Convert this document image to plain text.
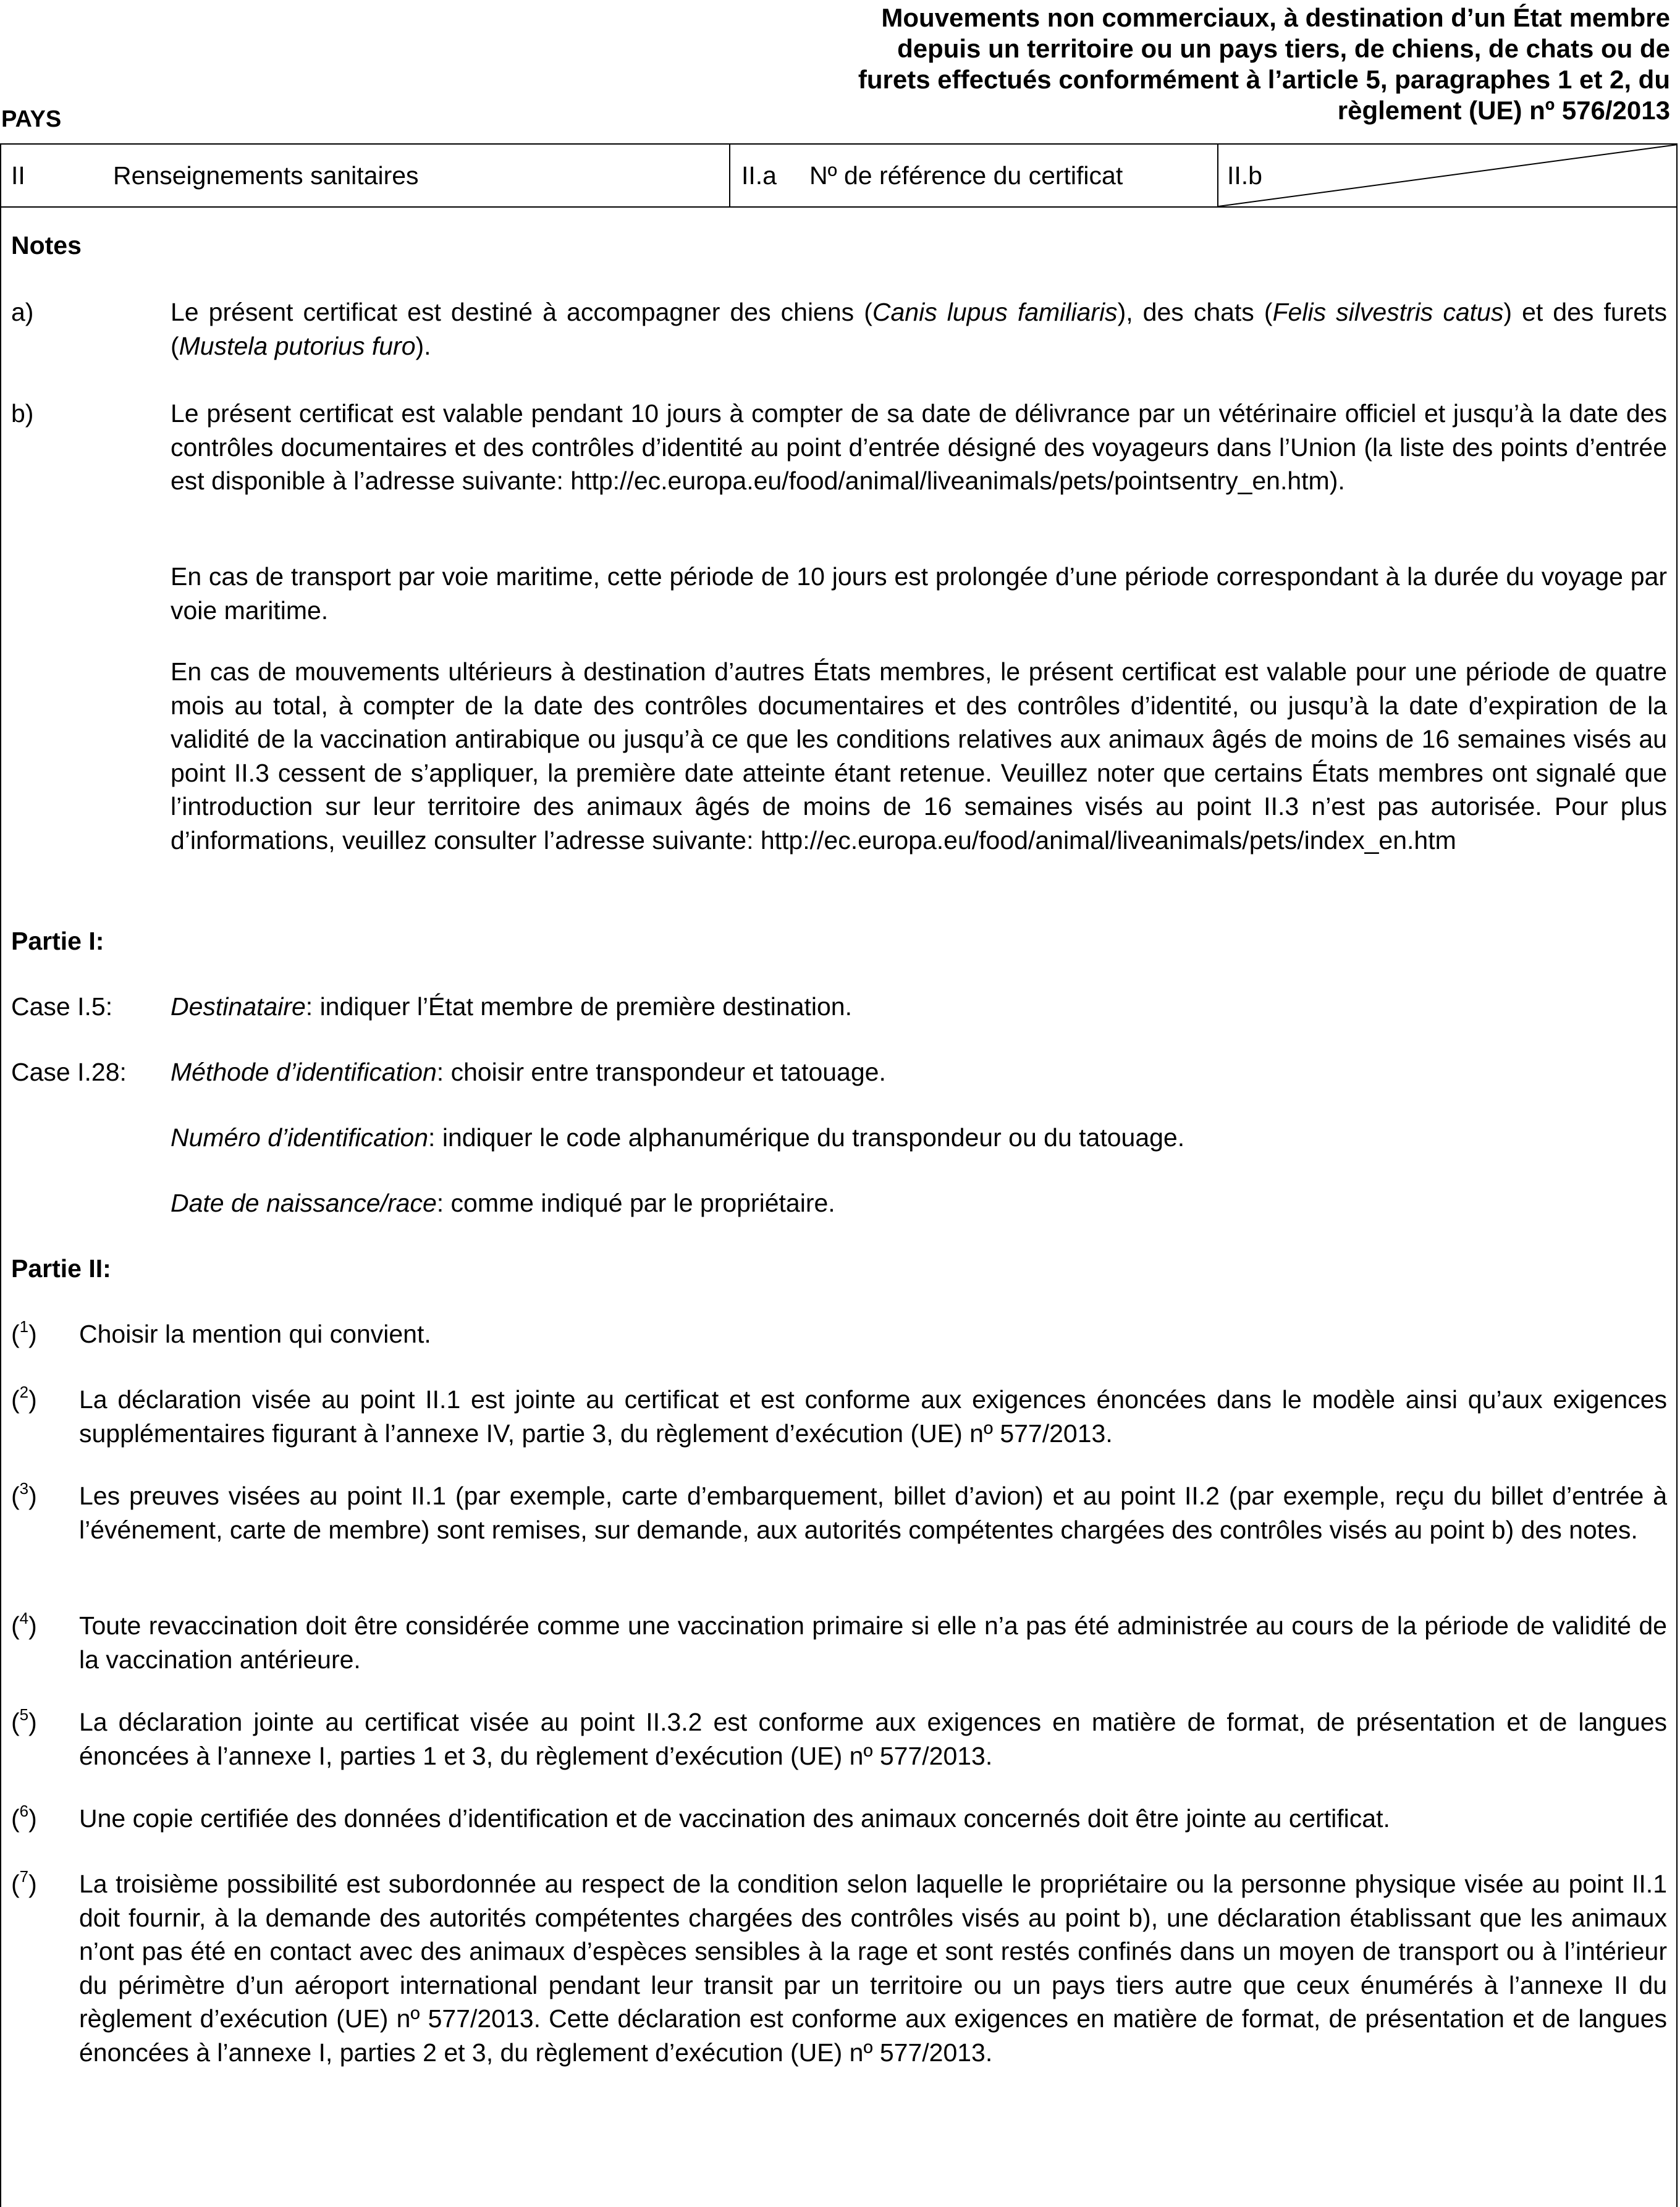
PAYS
Mouvements non commerciaux, à destination d’un État membre
depuis un territoire ou un pays tiers, de chiens, de chats ou de
furets effectués conformément à l’article 5, paragraphes 1 et 2, du
règlement (UE) nº 576/2013
II	Renseignements sanitaires	II.a Nº de référence du certificat	II.b
Notes
a)	Le présent certificat est destiné à accompagner des chiens (Canis lupus familiaris), des chats (Felis silvestris catus) et des furets (Mustela putorius furo).
b)	Le présent certificat est valable pendant 10 jours à compter de sa date de délivrance par un vétérinaire officiel et jusqu’à la date des contrôles documentaires et des contrôles d’identité au point d’entrée désigné des voyageurs dans l’Union (la liste des points d’entrée est disponible à l’adresse suivante: http://ec.europa.eu/food/animal/liveanimals/pets/pointsentry_en.htm).
En cas de transport par voie maritime, cette période de 10 jours est prolongée d’une période correspondant à la durée du voyage par voie maritime.
En cas de mouvements ultérieurs à destination d’autres États membres, le présent certificat est valable pour une période de quatre mois au total, à compter de la date des contrôles documentaires et des contrôles d’identité, ou jusqu’à la date d’expiration de la validité de la vaccination antirabique ou jusqu’à ce que les conditions relatives aux animaux âgés de moins de 16 semaines visés au point II.3 cessent de s’appliquer, la première date atteinte étant retenue. Veuillez noter que certains États membres ont signalé que l’introduction sur leur territoire des animaux âgés de moins de 16 semaines visés au point II.3 n’est pas autorisée. Pour plus d’informations, veuillez consulter l’adresse suivante: http://ec.europa.eu/food/animal/liveanimals/pets/index_en.htm
Partie I:
Case I.5: Destinataire: indiquer l’État membre de première destination.
Case I.28: Méthode d’identification: choisir entre transpondeur et tatouage.
Numéro d’identification: indiquer le code alphanumérique du transpondeur ou du tatouage.
Date de naissance/race: comme indiqué par le propriétaire.
Partie II:
($^1$) Choisir la mention qui convient.
($^2$) La déclaration visée au point II.1 est jointe au certificat et est conforme aux exigences énoncées dans le modèle ainsi qu’aux exigences supplémentaires figurant à l’annexe IV, partie 3, du règlement d’exécution (UE) nº 577/2013.
($^3$) Les preuves visées au point II.1 (par exemple, carte d’embarquement, billet d’avion) et au point II.2 (par exemple, reçu du billet d’entrée à l’événement, carte de membre) sont remises, sur demande, aux autorités compétentes chargées des contrôles visés au point b) des notes.
($^4$) Toute revaccination doit être considérée comme une vaccination primaire si elle n’a pas été administrée au cours de la période de validité de la vaccination antérieure.
($^5$) La déclaration jointe au certificat visée au point II.3.2 est conforme aux exigences en matière de format, de présentation et de langues énoncées à l’annexe I, parties 1 et 3, du règlement d’exécution (UE) nº 577/2013.
($^6$) Une copie certifiée des données d’identification et de vaccination des animaux concernés doit être jointe au certificat.
($^7$) La troisième possibilité est subordonnée au respect de la condition selon laquelle le propriétaire ou la personne physique visée au point II.1 doit fournir, à la demande des autorités compétentes chargées des contrôles visés au point b), une déclaration établissant que les animaux n’ont pas été en contact avec des animaux d’espèces sensibles à la rage et sont restés confinés dans un moyen de transport ou à l’intérieur du périmètre d’un aéroport international pendant leur transit par un territoire ou un pays tiers autre que ceux énumérés à l’annexe II du règlement d’exécution (UE) nº 577/2013. Cette déclaration est conforme aux exigences en matière de format, de présentation et de langues énoncées à l’annexe I, parties 2 et 3, du règlement d’exécution (UE) nº 577/2013.
